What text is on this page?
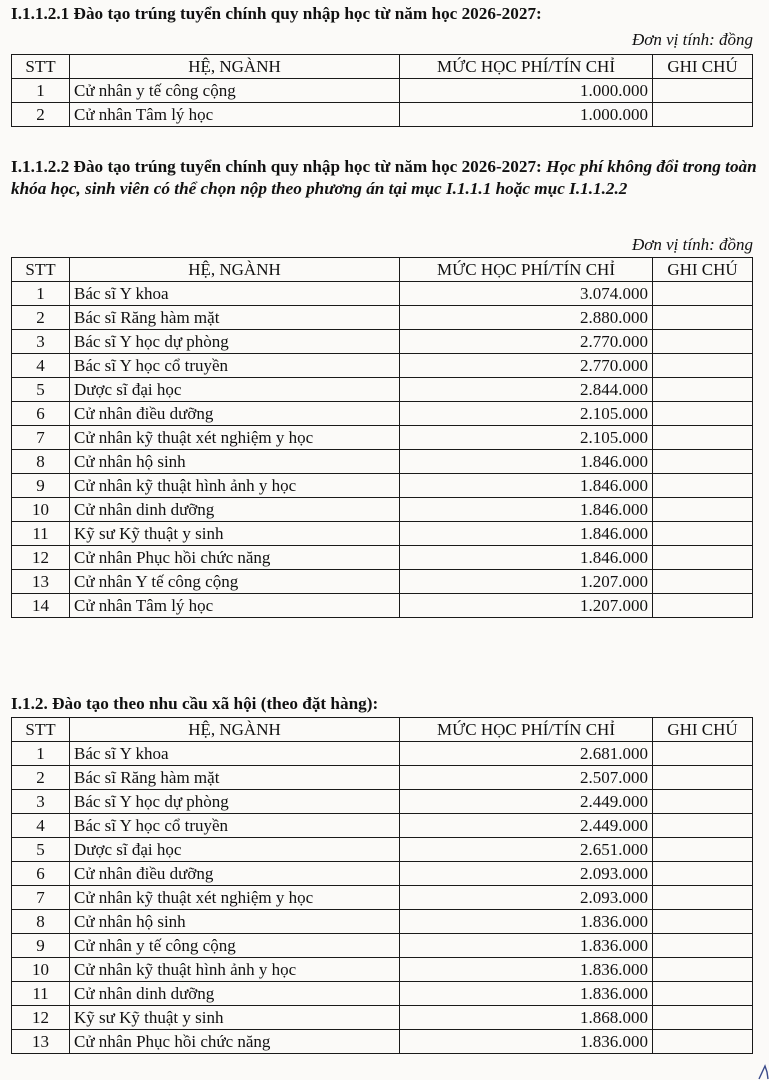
I.1.1.2.1 Đào tạo trúng tuyển chính quy nhập học từ năm học 2026-2027:

Đơn vị tính: đồng
STT	HỆ, NGÀNH	MỨC HỌC PHÍ/TÍN CHỈ	GHI CHÚ
1	Cử nhân y tế công cộng	1.000.000	
2	Cử nhân Tâm lý học	1.000.000	

I.1.1.2.2 Đào tạo trúng tuyển chính quy nhập học từ năm học 2026-2027: Học phí không đổi trong toàn khóa học, sinh viên có thể chọn nộp theo phương án tại mục I.1.1.1 hoặc mục I.1.1.2.2

Đơn vị tính: đồng
STT	HỆ, NGÀNH	MỨC HỌC PHÍ/TÍN CHỈ	GHI CHÚ
1	Bác sĩ Y khoa	3.074.000	
2	Bác sĩ Răng hàm mặt	2.880.000	
3	Bác sĩ Y học dự phòng	2.770.000	
4	Bác sĩ Y học cổ truyền	2.770.000	
5	Dược sĩ đại học	2.844.000	
6	Cử nhân điều dưỡng	2.105.000	
7	Cử nhân kỹ thuật xét nghiệm y học	2.105.000	
8	Cử nhân hộ sinh	1.846.000	
9	Cử nhân kỹ thuật hình ảnh y học	1.846.000	
10	Cử nhân dinh dưỡng	1.846.000	
11	Kỹ sư Kỹ thuật y sinh	1.846.000	
12	Cử nhân Phục hồi chức năng	1.846.000	
13	Cử nhân Y tế công cộng	1.207.000	
14	Cử nhân Tâm lý học	1.207.000	

I.1.2. Đào tạo theo nhu cầu xã hội (theo đặt hàng):

STT	HỆ, NGÀNH	MỨC HỌC PHÍ/TÍN CHỈ	GHI CHÚ
1	Bác sĩ Y khoa	2.681.000	
2	Bác sĩ Răng hàm mặt	2.507.000	
3	Bác sĩ Y học dự phòng	2.449.000	
4	Bác sĩ Y học cổ truyền	2.449.000	
5	Dược sĩ đại học	2.651.000	
6	Cử nhân điều dưỡng	2.093.000	
7	Cử nhân kỹ thuật xét nghiệm y học	2.093.000	
8	Cử nhân hộ sinh	1.836.000	
9	Cử nhân y tế công cộng	1.836.000	
10	Cử nhân kỹ thuật hình ảnh y học	1.836.000	
11	Cử nhân dinh dưỡng	1.836.000	
12	Kỹ sư Kỹ thuật y sinh	1.868.000	
13	Cử nhân Phục hồi chức năng	1.836.000	
